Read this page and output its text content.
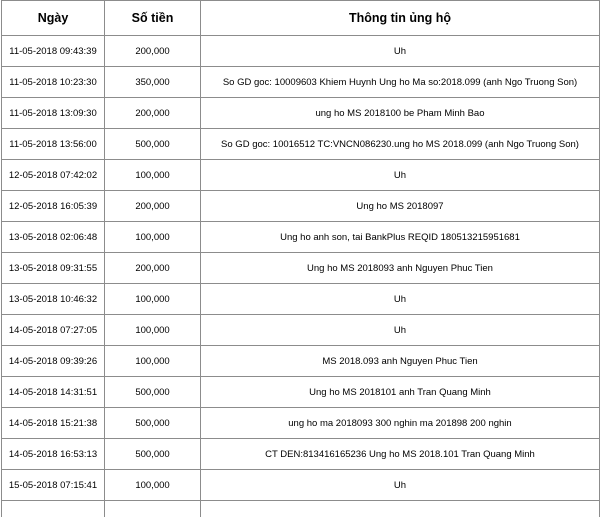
Ngày	Số tiền	Thông tin ủng hộ
11-05-2018 09:43:39	200,000	Uh
11-05-2018 10:23:30	350,000	So GD goc: 10009603 Khiem Huynh Ung ho Ma so:2018.099 (anh Ngo Truong Son)
11-05-2018 13:09:30	200,000	ung ho MS 2018100 be Pham Minh Bao
11-05-2018 13:56:00	500,000	So GD goc: 10016512 TC:VNCN086230.ung ho MS 2018.099 (anh Ngo Truong Son)
12-05-2018 07:42:02	100,000	Uh
12-05-2018 16:05:39	200,000	Ung ho MS 2018097
13-05-2018 02:06:48	100,000	Ung ho anh son, tai BankPlus REQID 180513215951681
13-05-2018 09:31:55	200,000	Ung ho MS 2018093 anh Nguyen Phuc Tien
13-05-2018 10:46:32	100,000	Uh
14-05-2018 07:27:05	100,000	Uh
14-05-2018 09:39:26	100,000	MS 2018.093 anh Nguyen Phuc Tien
14-05-2018 14:31:51	500,000	Ung ho MS 2018101 anh Tran Quang Minh
14-05-2018 15:21:38	500,000	ung ho ma 2018093 300 nghin ma 201898 200 nghin
14-05-2018 16:53:13	500,000	CT DEN:813416165236 Ung ho MS 2018.101 Tran Quang Minh
15-05-2018 07:15:41	100,000	Uh
